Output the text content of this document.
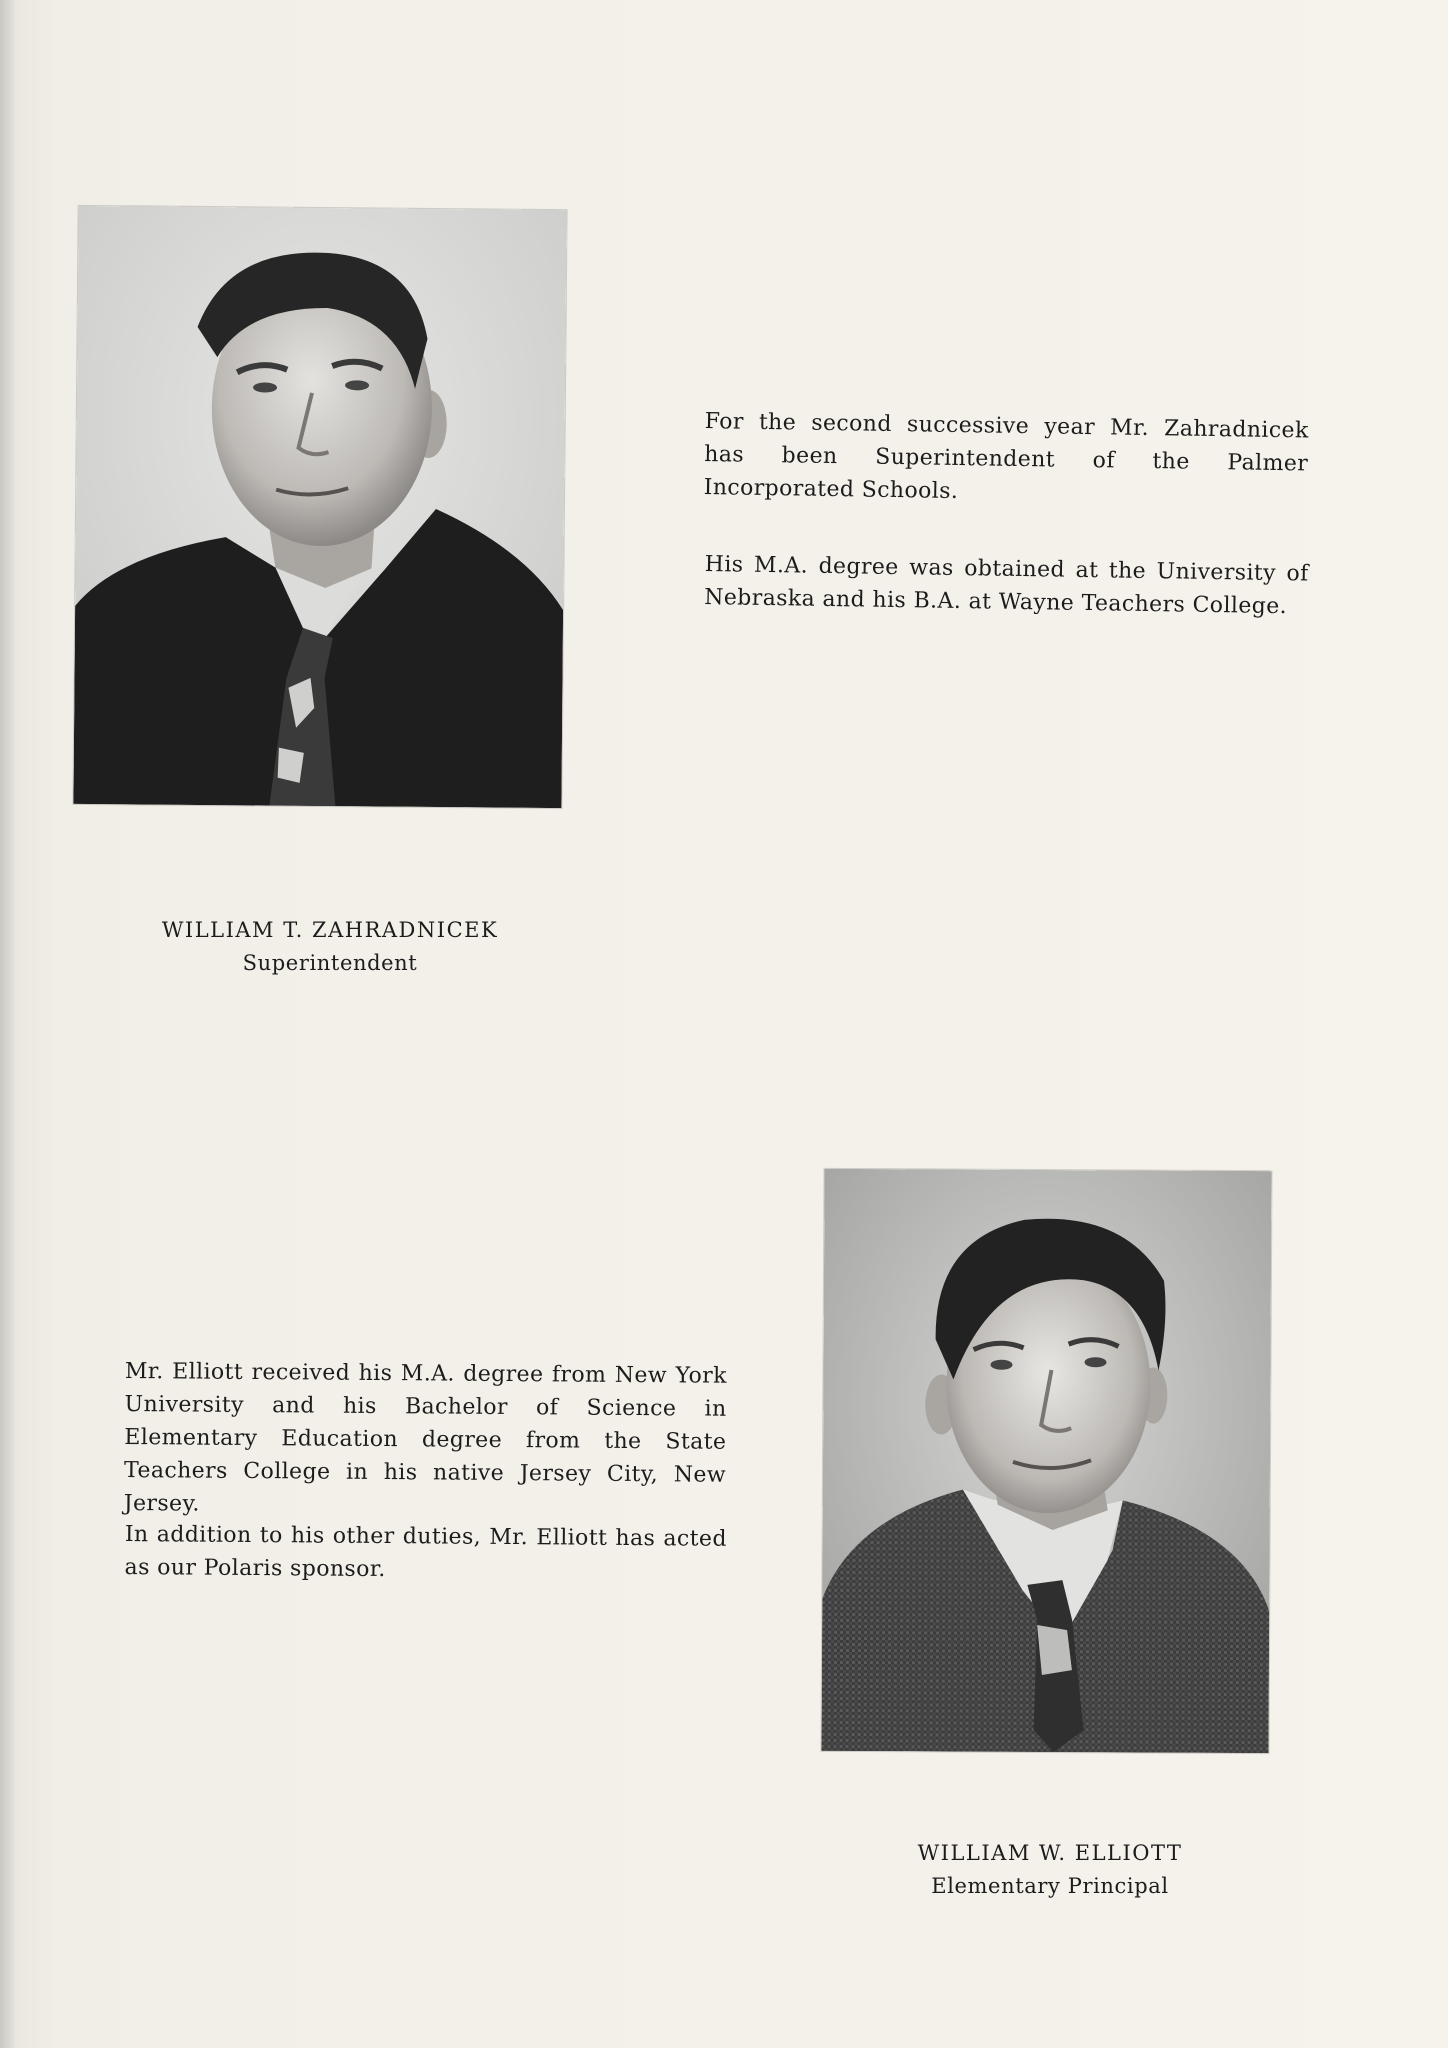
For the second successive year Mr. Zahradnicek has been Superintendent of the Palmer Incorporated Schools.

His M.A. degree was obtained at the University of Nebraska and his B.A. at Wayne Teachers College.

WILLIAM T. ZAHRADNICEK
Superintendent

Mr. Elliott received his M.A. degree from New York University and his Bachelor of Science in Elementary Education degree from the State Teachers College in his native Jersey City, New Jersey.

In addition to his other duties, Mr. Elliott has acted as our Polaris sponsor.

WILLIAM W. ELLIOTT
Elementary Principal
